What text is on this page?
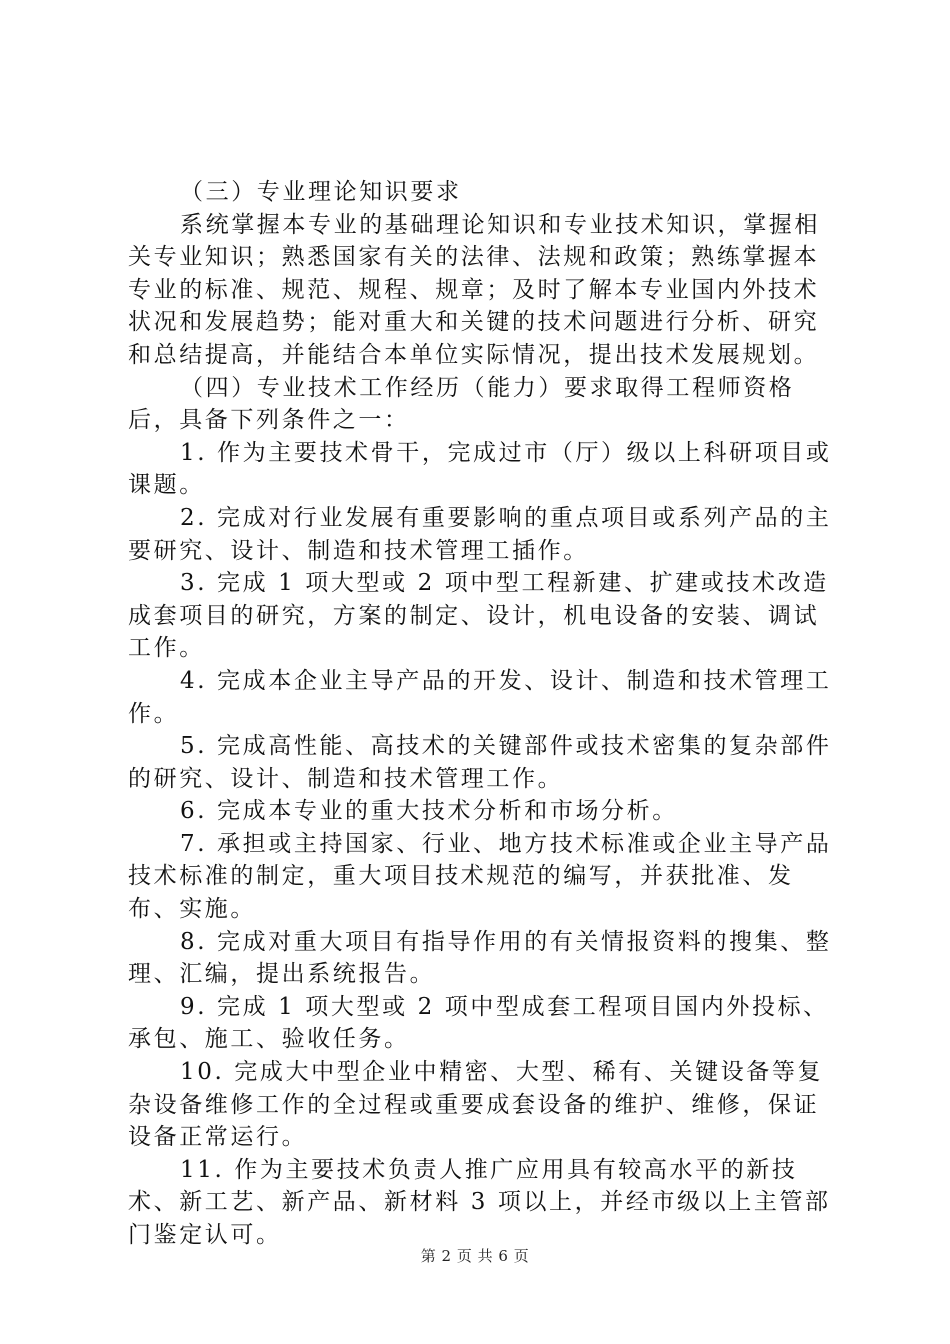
（三）专业理论知识要求

系统掌握本专业的基础理论知识和专业技术知识，掌握相关专业知识；熟悉国家有关的法律、法规和政策；熟练掌握本专业的标准、规范、规程、规章；及时了解本专业国内外技术状况和发展趋势；能对重大和关键的技术问题进行分析、研究和总结提高，并能结合本单位实际情况，提出技术发展规划。

（四）专业技术工作经历（能力）要求取得工程师资格后，具备下列条件之一：

1. 作为主要技术骨干，完成过市（厅）级以上科研项目或课题。

2. 完成对行业发展有重要影响的重点项目或系列产品的主要研究、设计、制造和技术管理工插作。

3. 完成 1 项大型或 2 项中型工程新建、扩建或技术改造成套项目的研究，方案的制定、设计，机电设备的安装、调试工作。

4. 完成本企业主导产品的开发、设计、制造和技术管理工作。

5. 完成高性能、高技术的关键部件或技术密集的复杂部件的研究、设计、制造和技术管理工作。

6. 完成本专业的重大技术分析和市场分析。

7. 承担或主持国家、行业、地方技术标准或企业主导产品技术标准的制定，重大项目技术规范的编写，并获批准、发布、实施。

8. 完成对重大项目有指导作用的有关情报资料的搜集、整理、汇编，提出系统报告。

9. 完成 1 项大型或 2 项中型成套工程项目国内外投标、承包、施工、验收任务。

10. 完成大中型企业中精密、大型、稀有、关键设备等复杂设备维修工作的全过程或重要成套设备的维护、维修，保证设备正常运行。

11. 作为主要技术负责人推广应用具有较高水平的新技术、新工艺、新产品、新材料 3 项以上，并经市级以上主管部门鉴定认可。

第 2 页 共 6 页
